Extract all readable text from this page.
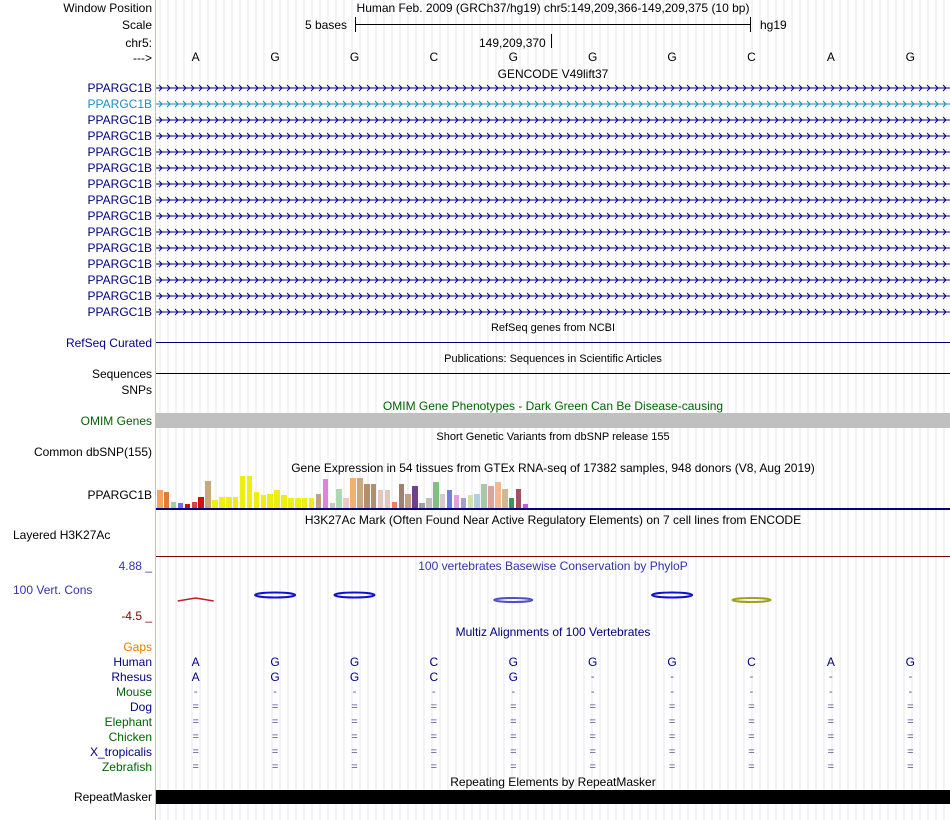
Window Position	Human Feb. 2009 (GRCh37/hg19) chr5:149,209,366-149,209,375 (10 bp)
Scale	5 bases	hg19
chr5:	149,209,370
--->	A	G	G	C	G	G	G	C	A	G
GENCODE V49lift37
PPARGC1B
PPARGC1B
PPARGC1B
PPARGC1B
PPARGC1B
PPARGC1B
PPARGC1B
PPARGC1B
PPARGC1B
PPARGC1B
PPARGC1B
PPARGC1B
PPARGC1B
PPARGC1B
PPARGC1B
RefSeq genes from NCBI
RefSeq Curated
Publications: Sequences in Scientific Articles
Sequences
SNPs
OMIM Gene Phenotypes - Dark Green Can Be Disease-causing
OMIM Genes
Short Genetic Variants from dbSNP release 155
Common dbSNP(155)
Gene Expression in 54 tissues from GTEx RNA-seq of 17382 samples, 948 donors (V8, Aug 2019)
PPARGC1B
H3K27Ac Mark (Often Found Near Active Regulatory Elements) on 7 cell lines from ENCODE
Layered H3K27Ac
100 vertebrates Basewise Conservation by PhyloP
4.88 _
100 Vert. Cons
-4.5 _
Multiz Alignments of 100 Vertebrates
Gaps
Human	A	G	G	C	G	G	G	C	A	G
Rhesus	A	G	G	C	G	-	-	-	-	-
Mouse	-	-	-	-	-	-	-	-	-	-
Dog	=	=	=	=	=	=	=	=	=	=
Elephant	=	=	=	=	=	=	=	=	=	=
Chicken	=	=	=	=	=	=	=	=	=	=
X_tropicalis	=	=	=	=	=	=	=	=	=	=
Zebrafish	=	=	=	=	=	=	=	=	=	=
Repeating Elements by RepeatMasker
RepeatMasker
